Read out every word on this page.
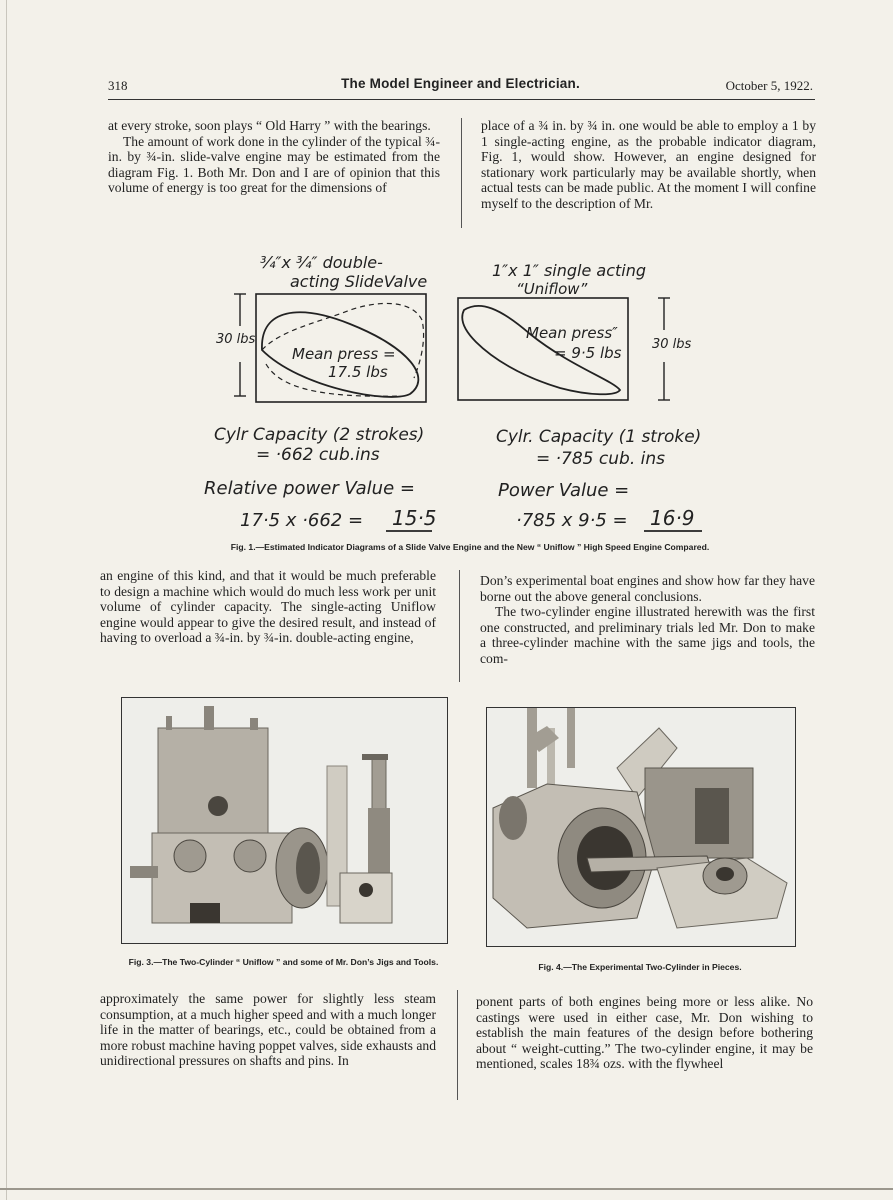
318	The Model Engineer and Electrician.	October 5, 1922.

at every stroke, soon plays “ Old Harry ” with the bearings.

The amount of work done in the cylinder of the typical ¾-in. by ¾-in. slide-valve engine may be estimated from the diagram Fig. 1. Both Mr. Don and I are of opinion that this volume of energy is too great for the dimensions of

place of a ¾ in. by ¾ in. one would be able to employ a 1 by 1 single-acting engine, as the probable indicator diagram, Fig. 1, would show. However, an engine designed for stationary work particularly may be available shortly, when actual tests can be made public. At the moment I will confine myself to the description of Mr.

¾″x ¾″ double-
acting SlideValve
30 lbs
Mean press =
17.5 lbs
Cylr Capacity (2 strokes)
= ·662 cub.ins
Relative power Value =
17·5 x ·662 = 15·5
1″x 1″ single acting
“Uniflow”
Mean press″
= 9·5 lbs 30 lbs
Cylr. Capacity (1 stroke)
= ·785 cub. ins
Power Value =
·785 x 9·5 = 16·9
Fig. 1.—Estimated Indicator Diagrams of a Slide Valve Engine and the New “ Uniflow ” High Speed Engine Compared.

an engine of this kind, and that it would be much preferable to design a machine which would do much less work per unit volume of cylinder capacity. The single-acting Uniflow engine would appear to give the desired result, and instead of having to overload a ¾-in. by ¾-in. double-acting engine,

Don’s experimental boat engines and show how far they have borne out the above general conclusions.

The two-cylinder engine illustrated herewith was the first one constructed, and preliminary trials led Mr. Don to make a three-cylinder machine with the same jigs and tools, the com-

Fig. 3.—The Two-Cylinder “ Uniflow ” and some of Mr. Don’s Jigs and Tools.	Fig. 4.—The Experimental Two-Cylinder in Pieces.

approximately the same power for slightly less steam consumption, at a much higher speed and with a much longer life in the matter of bearings, etc., could be obtained from a more robust machine having poppet valves, side exhausts and unidirectional pressures on shafts and pins. In

ponent parts of both engines being more or less alike. No castings were used in either case, Mr. Don wishing to establish the main features of the design before bothering about “ weight-cutting.” The two-cylinder engine, it may be mentioned, scales 18¾ ozs. with the flywheel
